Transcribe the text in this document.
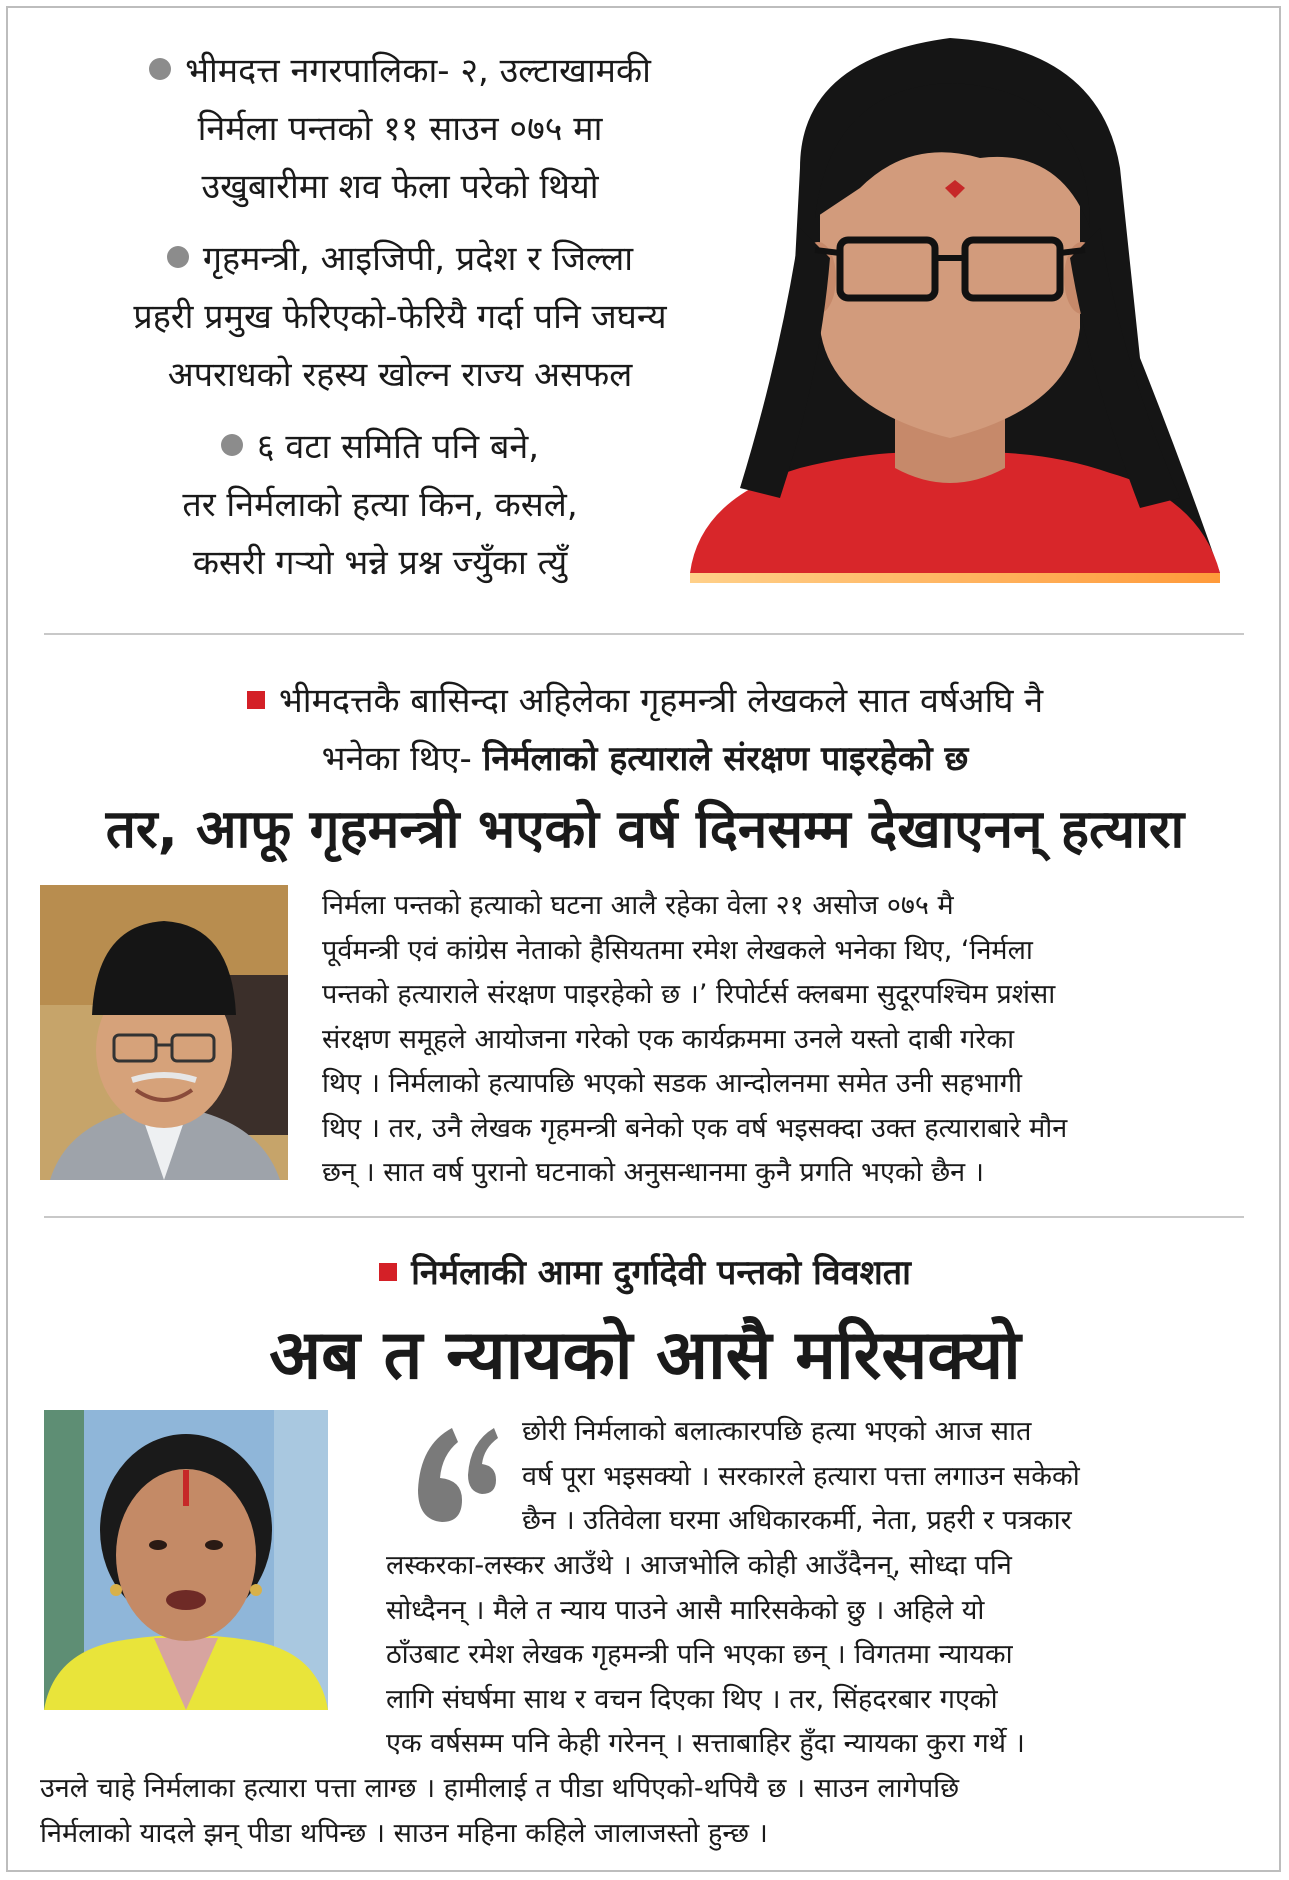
भीमदत्त नगरपालिका- २, उल्टाखामकी
निर्मला पन्तको ११ साउन ०७५ मा
उखुबारीमा शव फेला परेको थियो
गृहमन्त्री, आइजिपी, प्रदेश र जिल्ला
प्रहरी प्रमुख फेरिएको-फेरियै गर्दा पनि जघन्य
अपराधको रहस्य खोल्न राज्य असफल
६ वटा समिति पनि बने,
तर निर्मलाको हत्या किन, कसले,
कसरी गर्‍यो भन्ने प्रश्न ज्युँका त्युँ
भीमदत्तकै बासिन्दा अहिलेका गृहमन्त्री लेखकले सात वर्षअघि नै
भनेका थिए- निर्मलाको हत्याराले संरक्षण पाइरहेको छ
तर, आफू गृहमन्त्री भएको वर्ष दिनसम्म देखाएनन् हत्यारा
निर्मला पन्तको हत्याको घटना आलै रहेका वेला २१ असोज ०७५ मै
पूर्वमन्त्री एवं कांग्रेस नेताको हैसियतमा रमेश लेखकले भनेका थिए, ‘निर्मला
पन्तको हत्याराले संरक्षण पाइरहेको छ ।’ रिपोर्टर्स क्लबमा सुदूरपश्चिम प्रशंसा
संरक्षण समूहले आयोजना गरेको एक कार्यक्रममा उनले यस्तो दाबी गरेका
थिए । निर्मलाको हत्यापछि भएको सडक आन्दोलनमा समेत उनी सहभागी
थिए । तर, उनै लेखक गृहमन्त्री बनेको एक वर्ष भइसक्दा उक्त हत्याराबारे मौन
छन् । सात वर्ष पुरानो घटनाको अनुसन्धानमा कुनै प्रगति भएको छैन ।
निर्मलाकी आमा दुर्गादेवी पन्तको विवशता
अब त न्यायको आसै मरिसक्यो
छोरी निर्मलाको बलात्कारपछि हत्या भएको आज सात
वर्ष पूरा भइसक्यो । सरकारले हत्यारा पत्ता लगाउन सकेको
छैन । उतिवेला घरमा अधिकारकर्मी, नेता, प्रहरी र पत्रकार
लस्करका-लस्कर आउँथे । आजभोलि कोही आउँदैनन्, सोध्दा पनि
सोध्दैनन् । मैले त न्याय पाउने आसै मारिसकेको छु । अहिले यो
ठाँउबाट रमेश लेखक गृहमन्त्री पनि भएका छन् । विगतमा न्यायका
लागि संघर्षमा साथ र वचन दिएका थिए । तर, सिंहदरबार गएको
एक वर्षसम्म पनि केही गरेनन् । सत्ताबाहिर हुँदा न्यायका कुरा गर्थे ।
उनले चाहे निर्मलाका हत्यारा पत्ता लाग्छ । हामीलाई त पीडा थपिएको-थपियै छ । साउन लागेपछि
निर्मलाको यादले झन् पीडा थपिन्छ । साउन महिना कहिले जालाजस्तो हुन्छ ।
